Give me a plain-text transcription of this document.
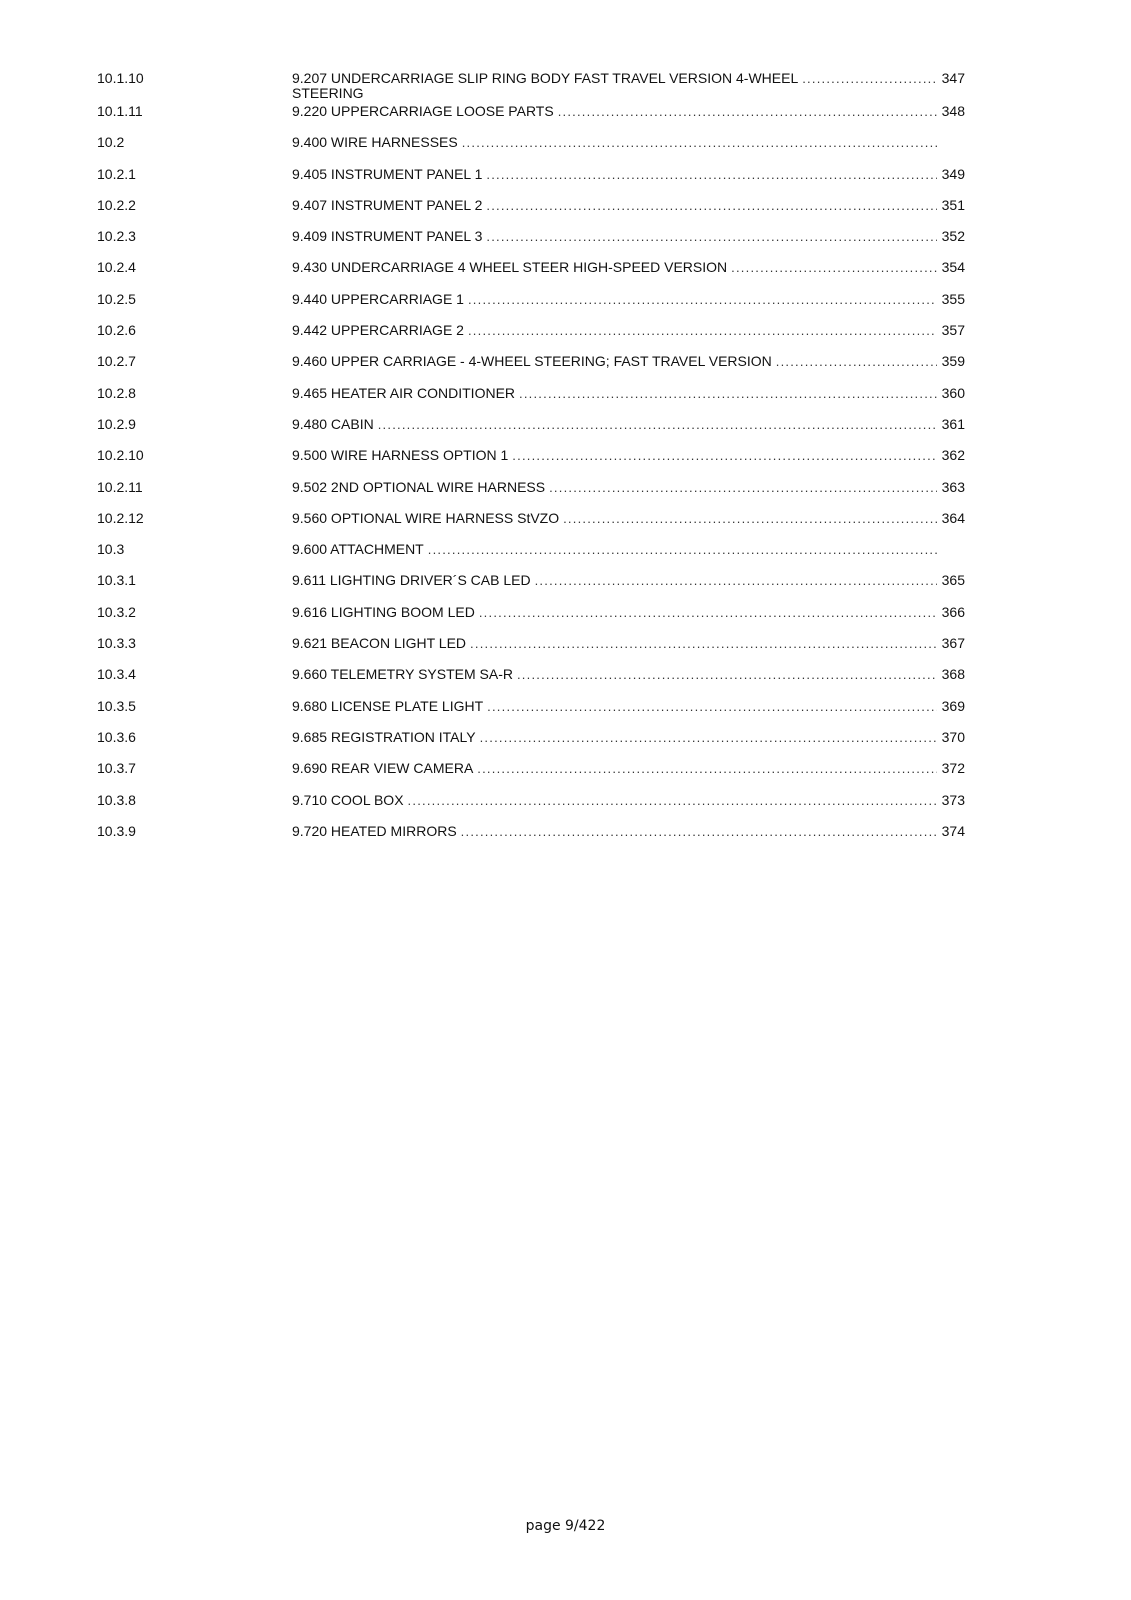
10.1.10	9.207 UNDERCARRIAGE SLIP RING BODY FAST TRAVEL VERSION 4-WHEEL . . .	347
STEERING
10.1.11	9.220 UPPERCARRIAGE LOOSE PARTS . . .	348
10.2	9.400 WIRE HARNESSES
. . .
10.2.1	9.405 INSTRUMENT PANEL 1 . . .	349
10.2.2	9.407 INSTRUMENT PANEL 2 . . .	351
10.2.3	9.409 INSTRUMENT PANEL 3 . . .	352
10.2.4	9.430 UNDERCARRIAGE 4 WHEEL STEER HIGH-SPEED VERSION . . .	354
10.2.5	9.440 UPPERCARRIAGE 1 . . .	355
10.2.6	9.442 UPPERCARRIAGE 2 . . .	357
10.2.7	9.460 UPPER CARRIAGE - 4-WHEEL STEERING; FAST TRAVEL VERSION . . .	359
10.2.8	9.465 HEATER AIR CONDITIONER . . .	360
10.2.9	9.480 CABIN . . .	361
10.2.10	9.500 WIRE HARNESS OPTION 1 . . .	362
10.2.11	9.502 2ND OPTIONAL WIRE HARNESS . . .	363
10.2.12	9.560 OPTIONAL WIRE HARNESS StVZO . . .	364
10.3	9.600 ATTACHMENT
. . .
10.3.1	9.611 LIGHTING DRIVER´S CAB LED . . .	365
10.3.2	9.616 LIGHTING BOOM LED . . .	366
10.3.3	9.621 BEACON LIGHT LED . . .	367
10.3.4	9.660 TELEMETRY SYSTEM SA-R . . .	368
10.3.5	9.680 LICENSE PLATE LIGHT . . .	369
10.3.6	9.685 REGISTRATION ITALY . . .	370
10.3.7	9.690 REAR VIEW CAMERA . . .	372
10.3.8	9.710 COOL BOX . . .	373
10.3.9	9.720 HEATED MIRRORS . . .	374
page 9/422
